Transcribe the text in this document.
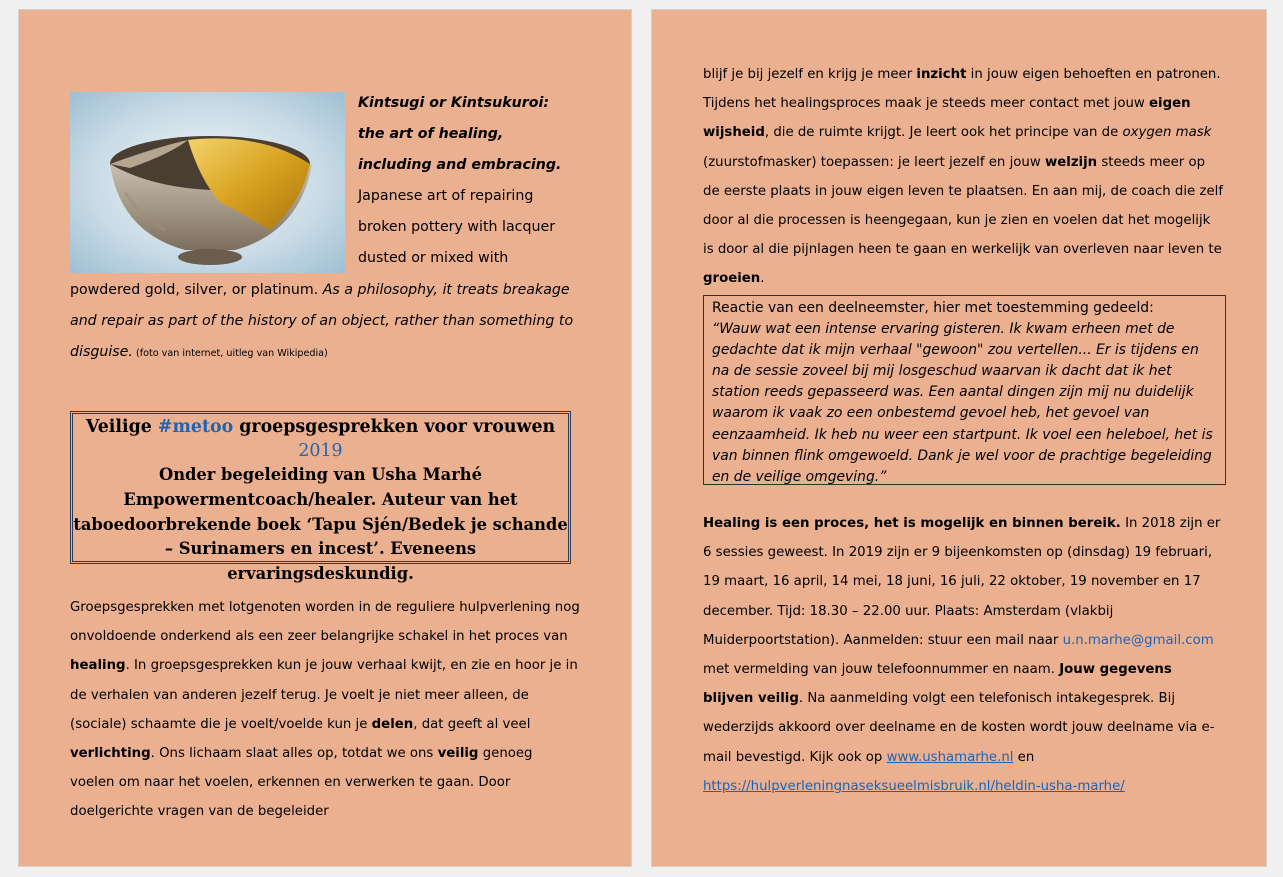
Kintsugi or Kintsukuroi:
the art of healing, including and embracing. Japanese art of repairing broken pottery with lacquer dusted or mixed with powdered gold, silver, or platinum. As a philosophy, it treats breakage and repair as part of the history of an object, rather than something to disguise. (foto van internet, uitleg van Wikipedia)
Veilige #metoo groepsgesprekken voor vrouwen
2019
Onder begeleiding van Usha Marhé Empowermentcoach/healer. Auteur van het taboedoorbrekende boek ‘Tapu Sjén/Bedek je schande – Surinamers en incest’. Eveneens ervaringsdeskundig.
Groepsgesprekken met lotgenoten worden in de reguliere hulpverlening nog onvoldoende onderkend als een zeer belangrijke schakel in het proces van healing. In groepsgesprekken kun je jouw verhaal kwijt, en zie en hoor je in de verhalen van anderen jezelf terug. Je voelt je niet meer alleen, de (sociale) schaamte die je voelt/voelde kun je delen, dat geeft al veel verlichting. Ons lichaam slaat alles op, totdat we ons veilig genoeg voelen om naar het voelen, erkennen en verwerken te gaan. Door doelgerichte vragen van de begeleider
blijf je bij jezelf en krijg je meer inzicht in jouw eigen behoeften en patronen. Tijdens het healingsproces maak je steeds meer contact met jouw eigen wijsheid, die de ruimte krijgt. Je leert ook het principe van de oxygen mask (zuurstofmasker) toepassen: je leert jezelf en jouw welzijn steeds meer op de eerste plaats in jouw eigen leven te plaatsen. En aan mij, de coach die zelf door al die processen is heengegaan, kun je zien en voelen dat het mogelijk is door al die pijnlagen heen te gaan en werkelijk van overleven naar leven te groeien.
Reactie van een deelneemster, hier met toestemming gedeeld:
“Wauw wat een intense ervaring gisteren. Ik kwam erheen met de gedachte dat ik mijn verhaal "gewoon" zou vertellen... Er is tijdens en na de sessie zoveel bij mij losgeschud waarvan ik dacht dat ik het station reeds gepasseerd was. Een aantal dingen zijn mij nu duidelijk waarom ik vaak zo een onbestemd gevoel heb, het gevoel van eenzaamheid. Ik heb nu weer een startpunt. Ik voel een heleboel, het is van binnen flink omgewoeld. Dank je wel voor de prachtige begeleiding en de veilige omgeving.”
Healing is een proces, het is mogelijk en binnen bereik. In 2018 zijn er 6 sessies geweest. In 2019 zijn er 9 bijeenkomsten op (dinsdag) 19 februari, 19 maart, 16 april, 14 mei, 18 juni, 16 juli, 22 oktober, 19 november en 17 december. Tijd: 18.30 – 22.00 uur. Plaats: Amsterdam (vlakbij Muiderpoortstation). Aanmelden: stuur een mail naar u.n.marhe@gmail.com met vermelding van jouw telefoonnummer en naam. Jouw gegevens blijven veilig. Na aanmelding volgt een telefonisch intakegesprek. Bij wederzijds akkoord over deelname en de kosten wordt jouw deelname via e-mail bevestigd. Kijk ook op www.ushamarhe.nl en https://hulpverleningnaseksueelmisbruik.nl/heldin-usha-marhe/
